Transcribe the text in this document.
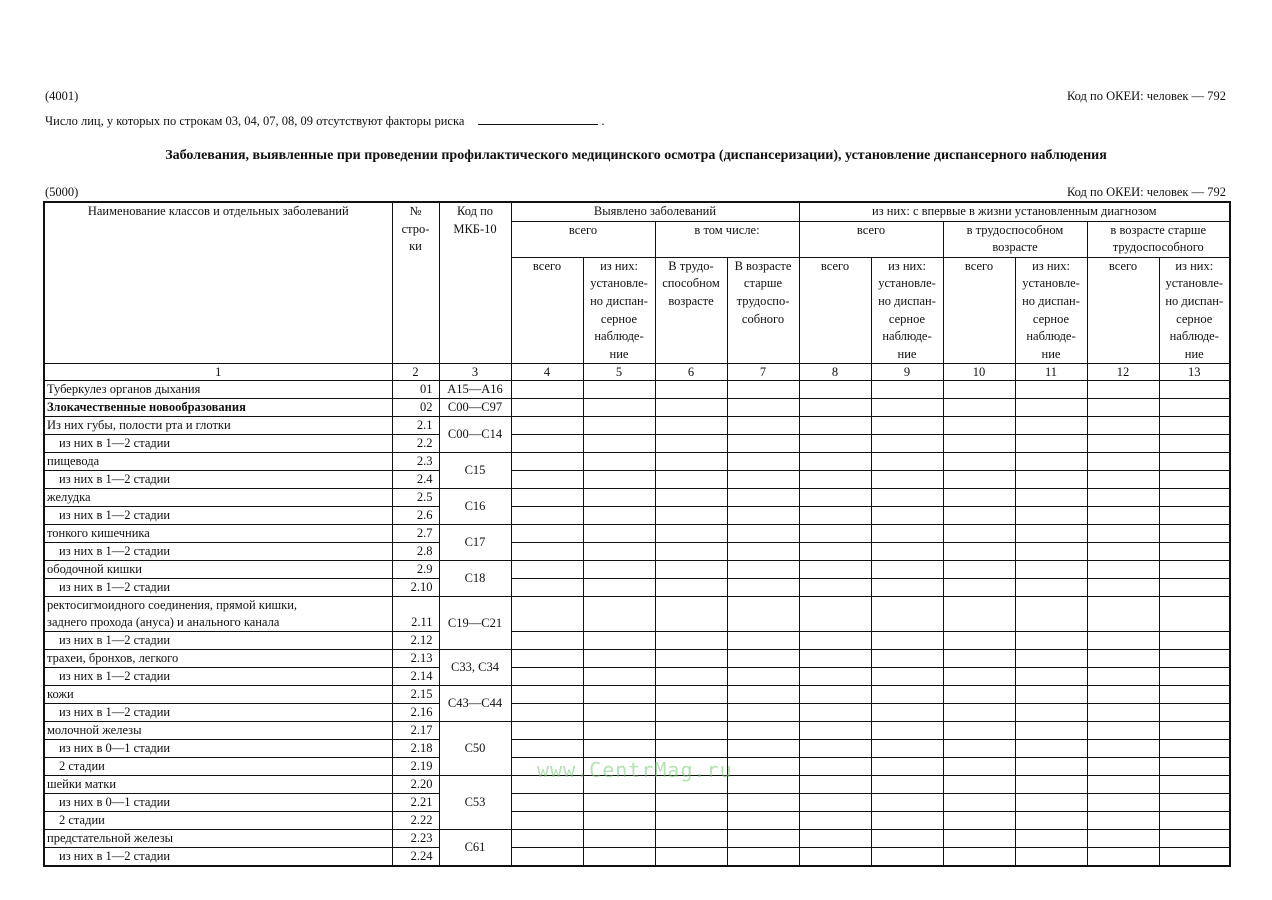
(4001)	Код по ОКЕИ: человек — 792
Число лиц, у которых по строкам 03, 04, 07, 08, 09 отсутствуют факторы риска	.
Заболевания, выявленные при проведении профилактического медицинского осмотра (диспансеризации), установление диспансерного наблюдения
(5000)	Код по ОКЕИ: человек — 792
Наименование классов и отдельных заболеваний	№ стро-ки	Код по МКБ-10	Выявлено заболеваний				из них: с впервые в жизни установленным диагнозом					
			всего		в том числе:		всего		в трудоспособном возрасте		в возрасте старше трудоспособного	
			всего	из них: установле-но диспан-серное наблюде-ние	В трудо-способном возрасте	В возрасте старше трудоспо-собного	всего	из них: установле-но диспан-серное наблюде-ние	всего	из них: установле-но диспан-серное наблюде-ние	всего	из них: установле-но диспан-серное наблюде-ние
1	2	3	4	5	6	7	8	9	10	11	12	13

Туберкулез органов дыхания	01	A15—A16										

Злокачественные новообразования	02	C00—C97										

Из них губы, полости рта и глотки	2.1	C00—C14										

из них в 1—2 стадии	2.2											

пищевода	2.3	C15										

из них в 1—2 стадии	2.4											

желудка	2.5	C16										

из них в 1—2 стадии	2.6											

тонкого кишечника	2.7	C17										

из них в 1—2 стадии	2.8											

ободочной кишки	2.9	C18										

из них в 1—2 стадии	2.10											

ректосигмоидного соединения, прямой кишки,
заднего прохода (ануса) и анального канала	2.11	C19—C21										

из них в 1—2 стадии	2.12											

трахеи, бронхов, легкого	2.13	C33, C34										

из них в 1—2 стадии	2.14											

кожи	2.15	C43—C44										

из них в 1—2 стадии	2.16											

молочной железы	2.17	C50										

из них в 0—1 стадии	2.18											

2 стадии	2.19											

шейки матки	2.20	C53										

из них в 0—1 стадии	2.21											

2 стадии	2.22											

предстательной железы	2.23	C61										

из них в 1—2 стадии	2.24											
www.CentrMag.ru
